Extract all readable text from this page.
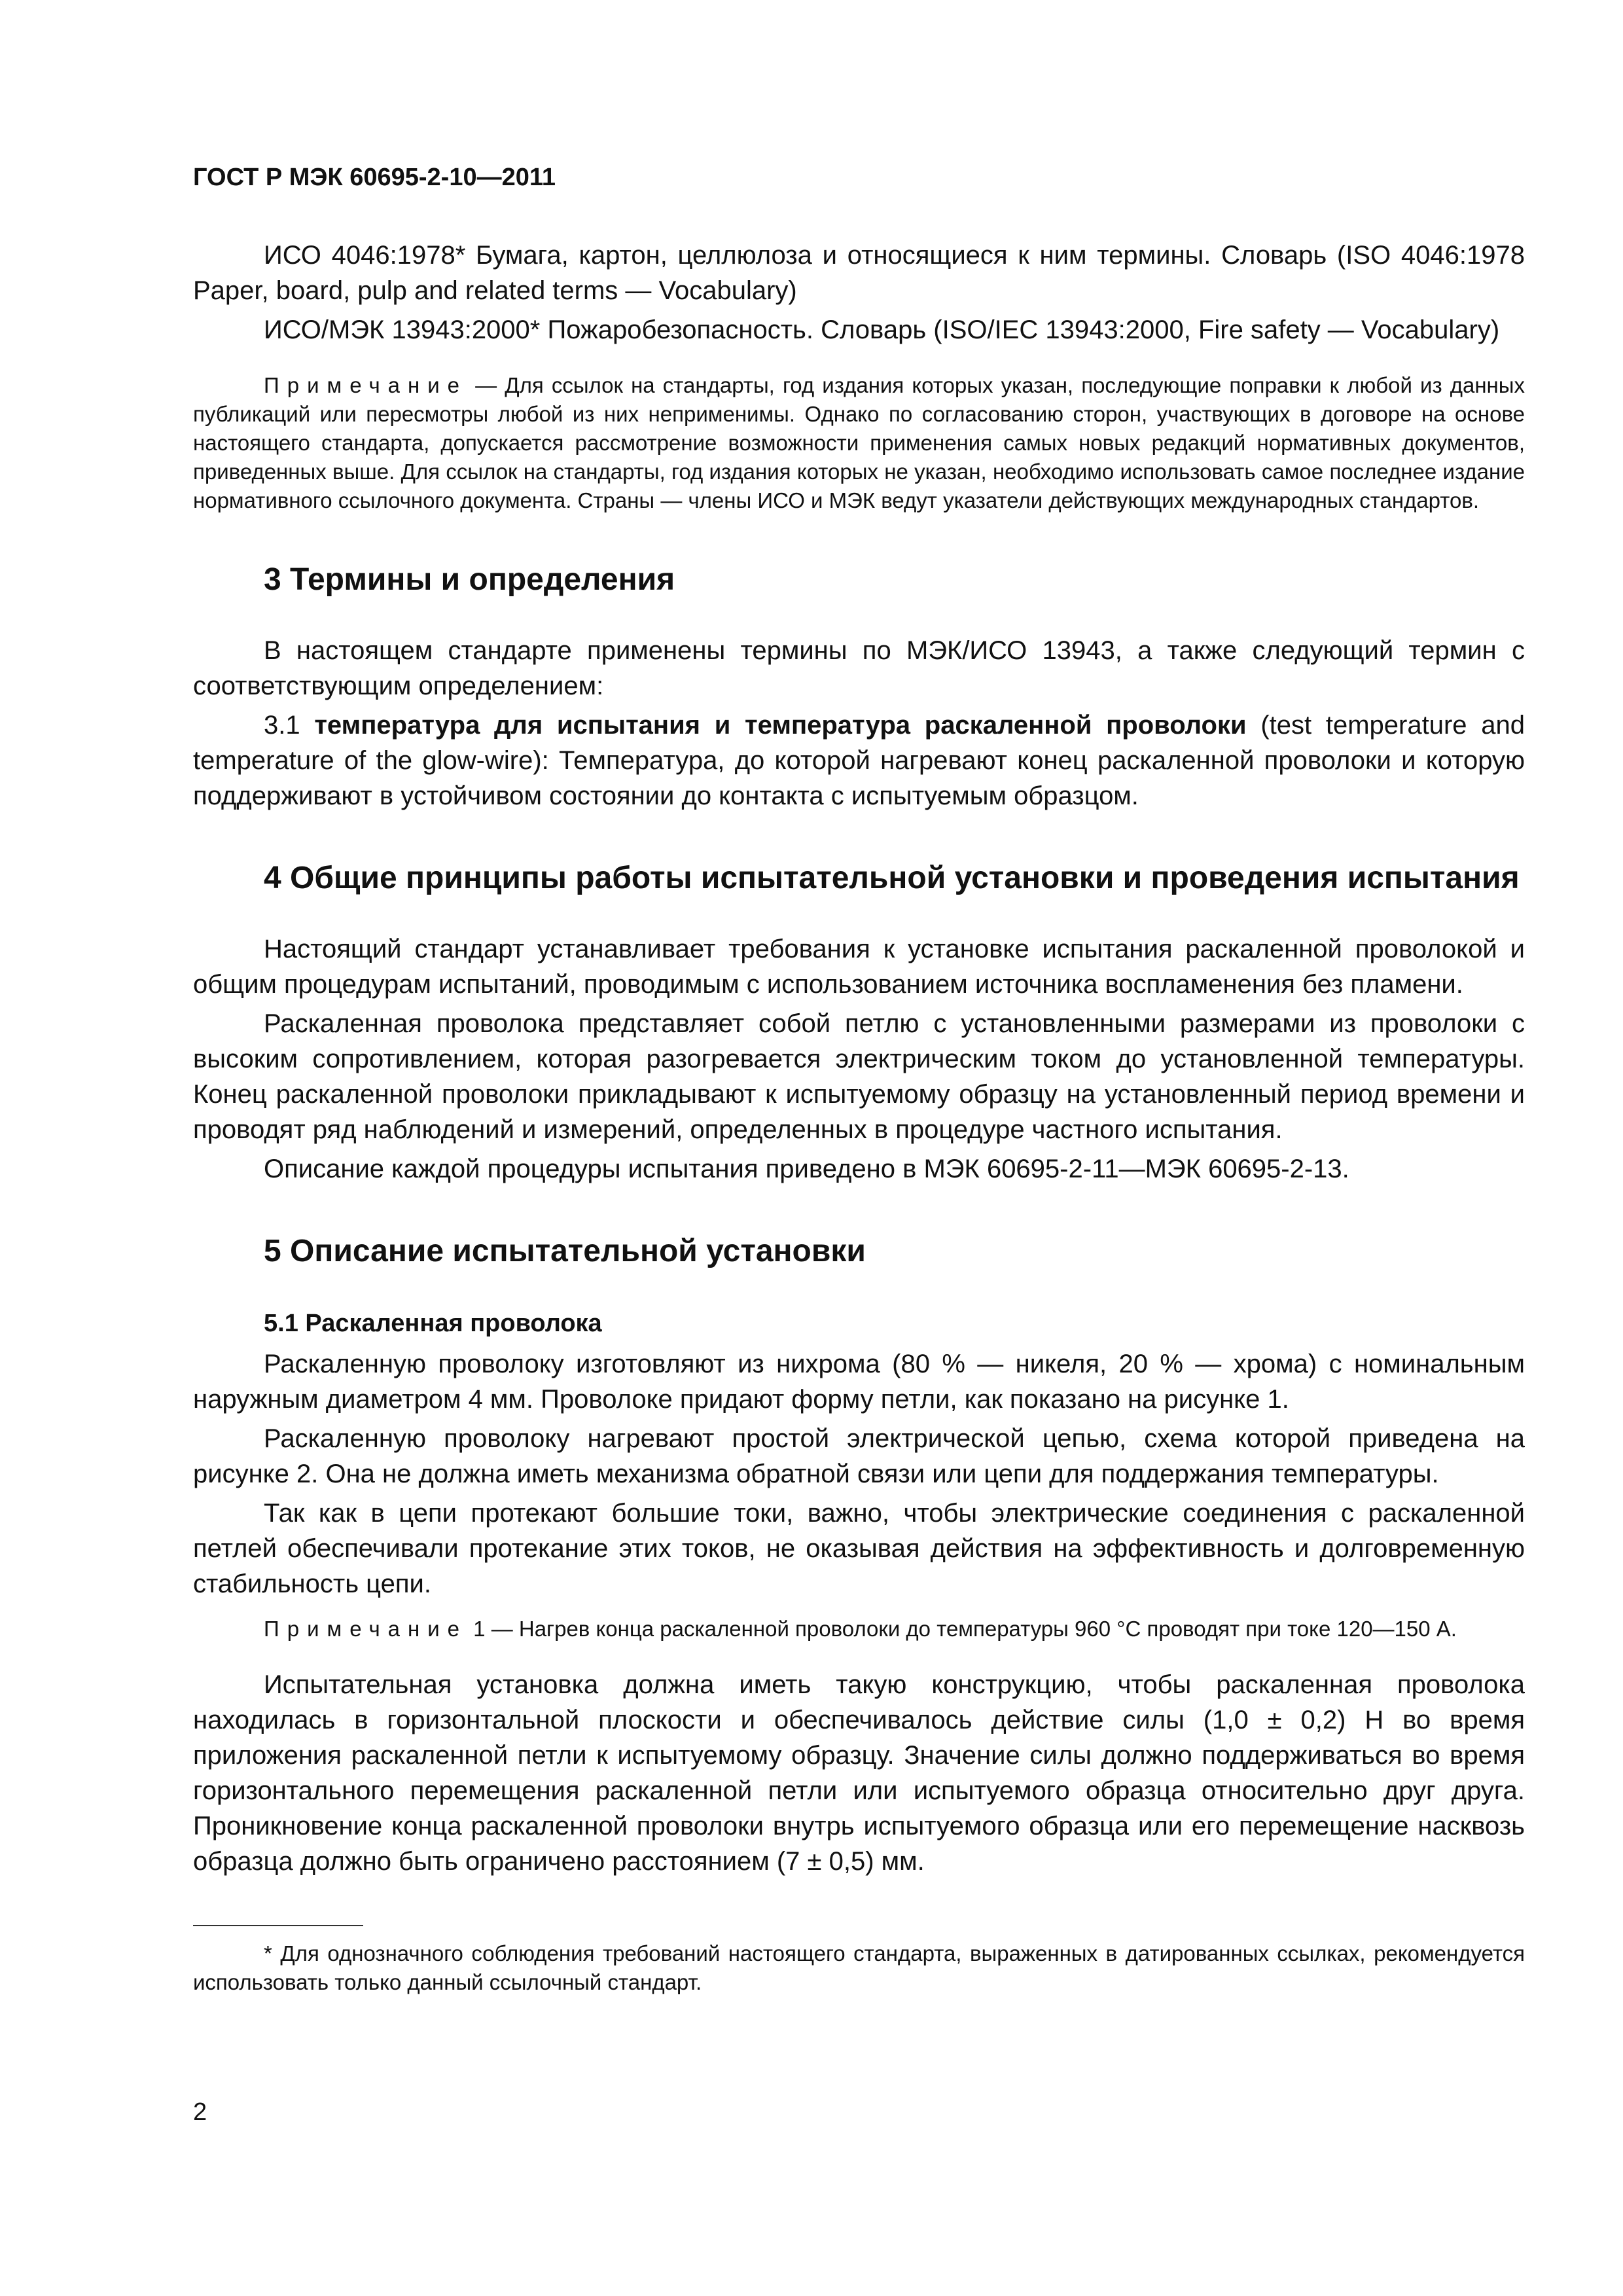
ГОСТ Р МЭК 60695-2-10—2011

ИСО 4046:1978* Бумага, картон, целлюлоза и относящиеся к ним термины. Словарь (ISO 4046:1978 Paper, board, pulp and related terms — Vocabulary)

ИСО/МЭК 13943:2000* Пожаробезопасность. Словарь (ISO/IEC 13943:2000, Fire safety — Vocabulary)

Примечание — Для ссылок на стандарты, год издания которых указан, последующие поправки к любой из данных публикаций или пересмотры любой из них неприменимы. Однако по согласованию сторон, участвующих в договоре на основе настоящего стандарта, допускается рассмотрение возможности применения самых новых редакций нормативных документов, приведенных выше. Для ссылок на стандарты, год издания которых не указан, необходимо использовать самое последнее издание нормативного ссылочного документа. Страны — члены ИСО и МЭК ведут указатели действующих международных стандартов.

3 Термины и определения

В настоящем стандарте применены термины по МЭК/ИСО 13943, а также следующий термин с соответствующим определением:

3.1 температура для испытания и температура раскаленной проволоки (test temperature and temperature of the glow-wire): Температура, до которой нагревают конец раскаленной проволоки и которую поддерживают в устойчивом состоянии до контакта с испытуемым образцом.

4 Общие принципы работы испытательной установки и проведения испытания

Настоящий стандарт устанавливает требования к установке испытания раскаленной проволокой и общим процедурам испытаний, проводимым с использованием источника воспламенения без пламени.

Раскаленная проволока представляет собой петлю с установленными размерами из проволоки с высоким сопротивлением, которая разогревается электрическим током до установленной температуры. Конец раскаленной проволоки прикладывают к испытуемому образцу на установленный период времени и проводят ряд наблюдений и измерений, определенных в процедуре частного испытания.

Описание каждой процедуры испытания приведено в МЭК 60695-2-11—МЭК 60695-2-13.

5 Описание испытательной установки
5.1 Раскаленная проволока

Раскаленную проволоку изготовляют из нихрома (80 % — никеля, 20 % — хрома) с номинальным наружным диаметром 4 мм. Проволоке придают форму петли, как показано на рисунке 1.

Раскаленную проволоку нагревают простой электрической цепью, схема которой приведена на рисунке 2. Она не должна иметь механизма обратной связи или цепи для поддержания температуры.

Так как в цепи протекают большие токи, важно, чтобы электрические соединения с раскаленной петлей обеспечивали протекание этих токов, не оказывая действия на эффективность и долговременную стабильность цепи.

Примечание 1 — Нагрев конца раскаленной проволоки до температуры 960 °С проводят при токе 120—150 А.

Испытательная установка должна иметь такую конструкцию, чтобы раскаленная проволока находилась в горизонтальной плоскости и обеспечивалось действие силы (1,0 ± 0,2) Н во время приложения раскаленной петли к испытуемому образцу. Значение силы должно поддерживаться во время горизонтального перемещения раскаленной петли или испытуемого образца относительно друг друга. Проникновение конца раскаленной проволоки внутрь испытуемого образца или его перемещение насквозь образца должно быть ограничено расстоянием (7 ± 0,5) мм.

* Для однозначного соблюдения требований настоящего стандарта, выраженных в датированных ссылках, рекомендуется использовать только данный ссылочный стандарт.

2
